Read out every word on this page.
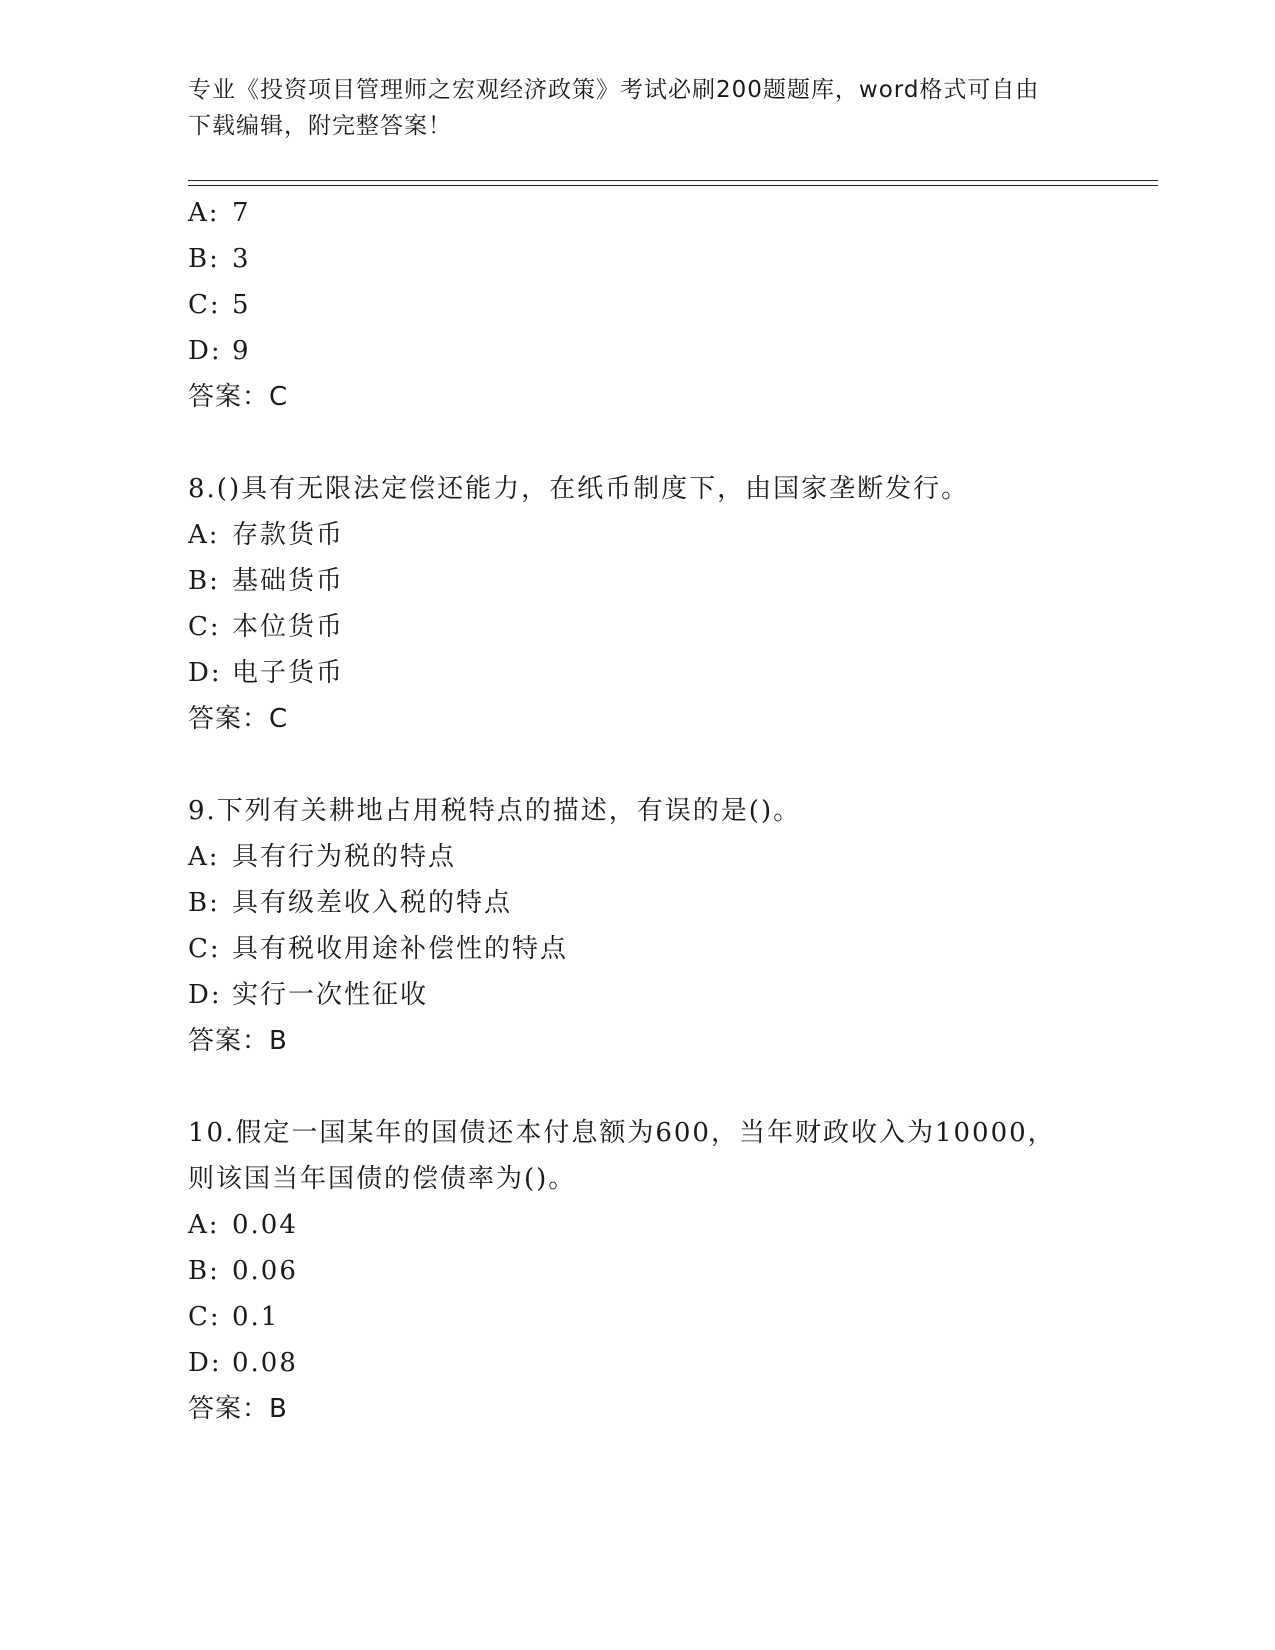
专业《投资项目管理师之宏观经济政策》考试必刷200题题库，word格式可自由
下载编辑，附完整答案！
A: 7
B: 3
C: 5
D: 9
答案：C
8.()具有无限法定偿还能力，在纸币制度下，由国家垄断发行。
A: 存款货币
B: 基础货币
C: 本位货币
D: 电子货币
答案：C
9.下列有关耕地占用税特点的描述，有误的是()。
A: 具有行为税的特点
B: 具有级差收入税的特点
C: 具有税收用途补偿性的特点
D: 实行一次性征收
答案：B
10.假定一国某年的国债还本付息额为600，当年财政收入为10000，
则该国当年国债的偿债率为()。
A: 0.04
B: 0.06
C: 0.1
D: 0.08
答案：B
